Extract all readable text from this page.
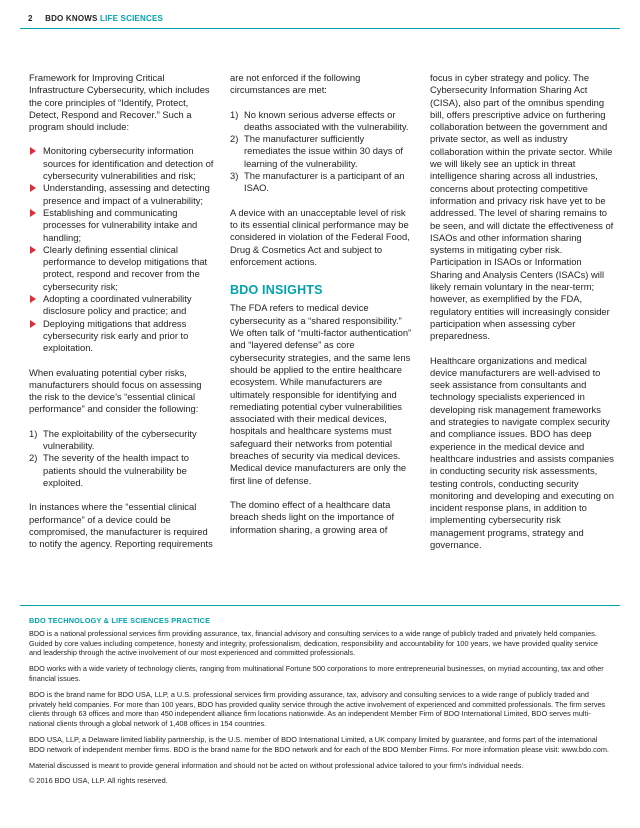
2 BDO KNOWS LIFE SCIENCES

Framework for Improving Critical Infrastructure Cybersecurity, which includes the core principles of “Identify, Protect, Detect, Respond and Recover.” Such a program should include:

Monitoring cybersecurity information sources for identification and detection of cybersecurity vulnerabilities and risk;
Understanding, assessing and detecting presence and impact of a vulnerability;
Establishing and communicating processes for vulnerability intake and handling;
Clearly defining essential clinical performance to develop mitigations that protect, respond and recover from the cybersecurity risk;
Adopting a coordinated vulnerability disclosure policy and practice; and
Deploying mitigations that address cybersecurity risk early and prior to exploitation.

When evaluating potential cyber risks, manufacturers should focus on assessing the risk to the device’s “essential clinical performance” and consider the following:

1) The exploitability of the cybersecurity vulnerability.
2) The severity of the health impact to patients should the vulnerability be exploited.

In instances where the “essential clinical performance” of a device could be compromised, the manufacturer is required to notify the agency. Reporting requirements

are not enforced if the following circumstances are met:

1) No known serious adverse effects or deaths associated with the vulnerability.
2) The manufacturer sufficiently remediates the issue within 30 days of learning of the vulnerability.
3) The manufacturer is a participant of an ISAO.

A device with an unacceptable level of risk to its essential clinical performance may be considered in violation of the Federal Food, Drug & Cosmetics Act and subject to enforcement actions.

BDO INSIGHTS

The FDA refers to medical device cybersecurity as a “shared responsibility.” We often talk of “multi-factor authentication” and “layered defense” as core cybersecurity strategies, and the same lens should be applied to the entire healthcare ecosystem. While manufacturers are ultimately responsible for identifying and remediating potential cyber vulnerabilities associated with their medical devices, hospitals and healthcare systems must safeguard their networks from potential breaches of security via medical devices. Medical device manufacturers are only the first line of defense.

The domino effect of a healthcare data breach sheds light on the importance of information sharing, a growing area of

focus in cyber strategy and policy. The Cybersecurity Information Sharing Act (CISA), also part of the omnibus spending bill, offers prescriptive advice on furthering collaboration between the government and private sector, as well as industry collaboration within the private sector. While we will likely see an uptick in threat intelligence sharing across all industries, concerns about protecting competitive information and privacy risk have yet to be addressed. The level of sharing remains to be seen, and will dictate the effectiveness of ISAOs and other information sharing systems in mitigating cyber risk. Participation in ISAOs or Information Sharing and Analysis Centers (ISACs) will likely remain voluntary in the near-term; however, as exemplified by the FDA, regulatory entities will increasingly consider participation when assessing cyber preparedness.

Healthcare organizations and medical device manufacturers are well-advised to seek assistance from consultants and technology specialists experienced in developing risk management frameworks and strategies to navigate complex security and compliance issues. BDO has deep experience in the medical device and healthcare industries and assists companies in conducting security risk assessments, testing controls, conducting security monitoring and developing and executing on incident response plans, in addition to implementing cybersecurity risk management programs, strategy and governance.

BDO TECHNOLOGY & LIFE SCIENCES PRACTICE

BDO is a national professional services firm providing assurance, tax, financial advisory and consulting services to a wide range of publicly traded and privately held companies. Guided by core values including competence, honesty and integrity, professionalism, dedication, responsibility and accountability for 100 years, we have provided quality service and leadership through the active involvement of our most experienced and committed professionals.

BDO works with a wide variety of technology clients, ranging from multinational Fortune 500 corporations to more entrepreneurial businesses, on myriad accounting, tax and other financial issues.

BDO is the brand name for BDO USA, LLP, a U.S. professional services firm providing assurance, tax, advisory and consulting services to a wide range of publicly traded and privately held companies. For more than 100 years, BDO has provided quality service through the active involvement of experienced and committed professionals. The firm serves clients through 63 offices and more than 450 independent alliance firm locations nationwide. As an independent Member Firm of BDO International Limited, BDO serves multi-national clients through a global network of 1,408 offices in 154 countries.

BDO USA, LLP, a Delaware limited liability partnership, is the U.S. member of BDO International Limited, a UK company limited by guarantee, and forms part of the international BDO network of independent member firms. BDO is the brand name for the BDO network and for each of the BDO Member Firms. For more information please visit: www.bdo.com.

Material discussed is meant to provide general information and should not be acted on without professional advice tailored to your firm’s individual needs.

© 2016 BDO USA, LLP. All rights reserved.
